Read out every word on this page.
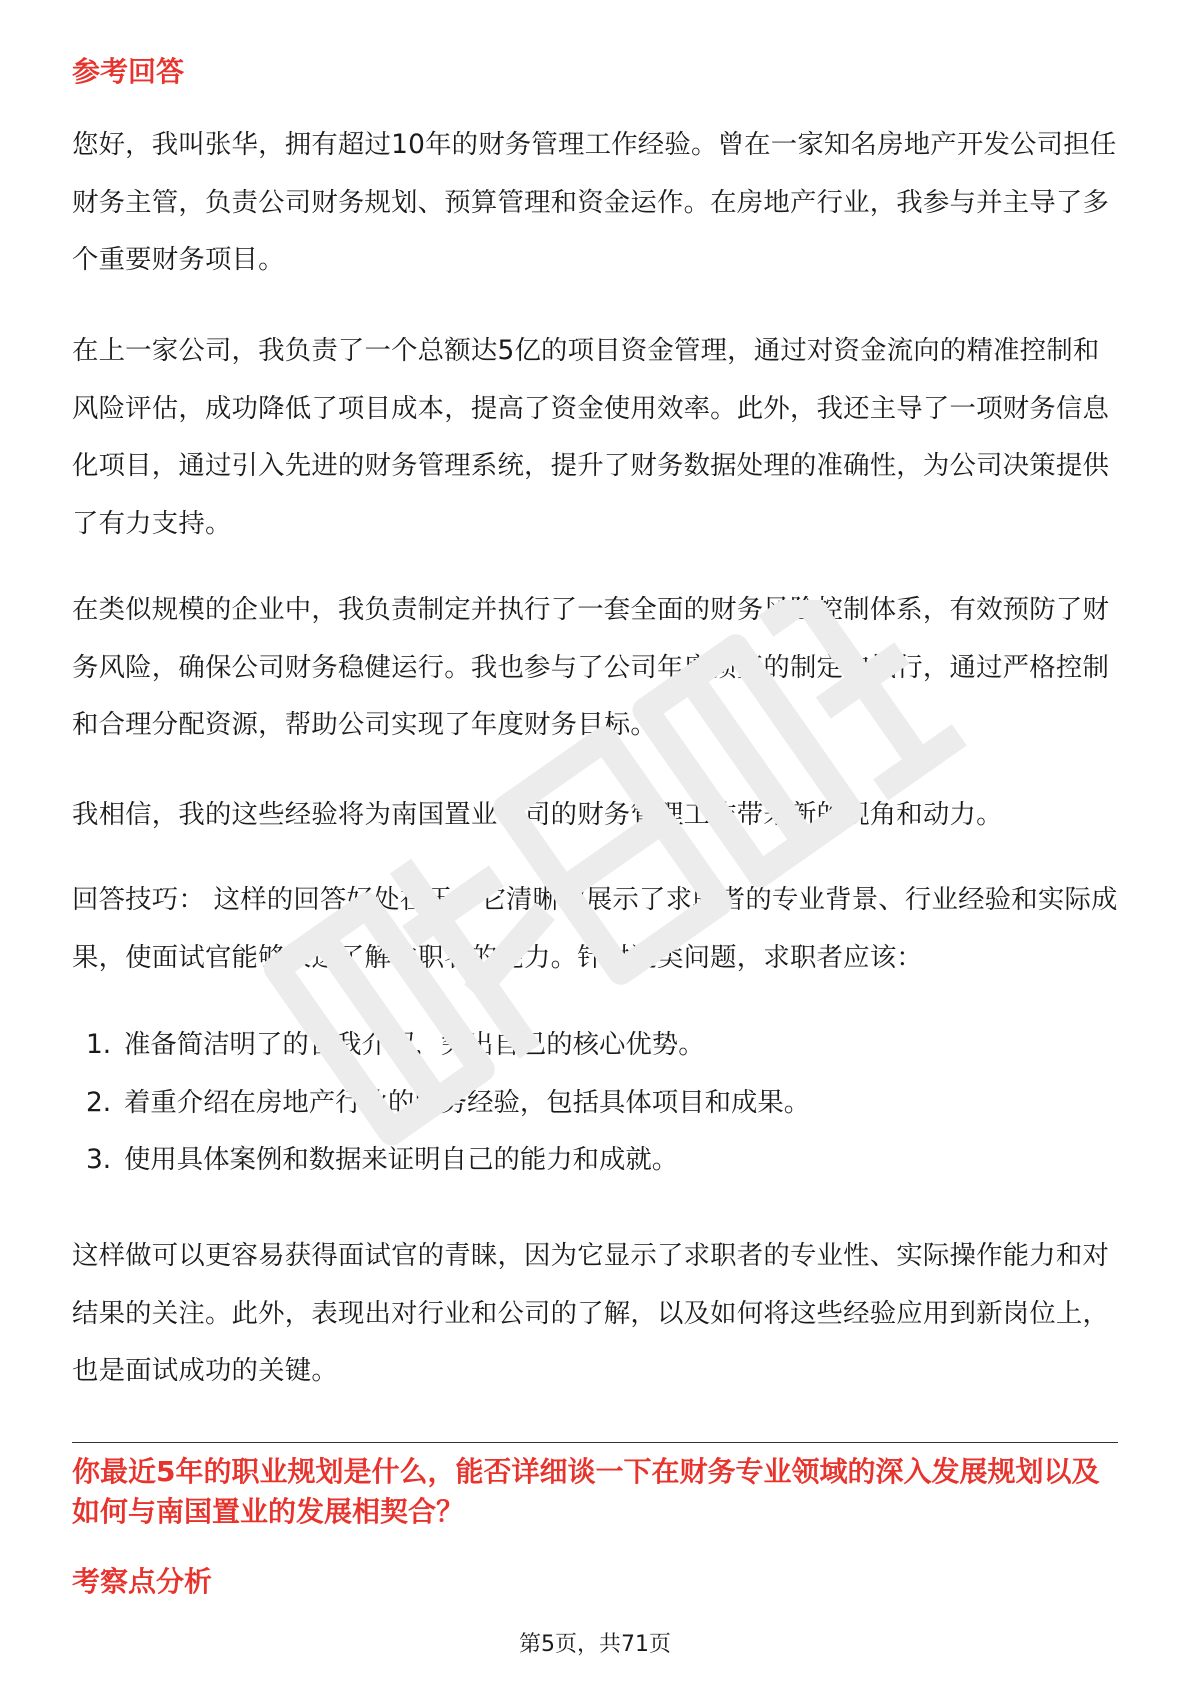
参考回答

您好，我叫张华，拥有超过10年的财务管理工作经验。曾在一家知名房地产开发公司担任财务主管，负责公司财务规划、预算管理和资金运作。在房地产行业，我参与并主导了多个重要财务项目。

在上一家公司，我负责了一个总额达5亿的项目资金管理，通过对资金流向的精准控制和风险评估，成功降低了项目成本，提高了资金使用效率。此外，我还主导了一项财务信息化项目，通过引入先进的财务管理系统，提升了财务数据处理的准确性，为公司决策提供了有力支持。

在类似规模的企业中，我负责制定并执行了一套全面的财务风险控制体系，有效预防了财务风险，确保公司财务稳健运行。我也参与了公司年度预算的制定和执行，通过严格控制和合理分配资源，帮助公司实现了年度财务目标。

我相信，我的这些经验将为南国置业公司的财务管理工作带来新的视角和动力。

回答技巧： 这样的回答好处在于，它清晰地展示了求职者的专业背景、行业经验和实际成果，使面试官能够快速了解求职者的能力。针对这类问题，求职者应该：

1. 准备简洁明了的自我介绍，突出自己的核心优势。
2. 着重介绍在房地产行业的财务经验，包括具体项目和成果。
3. 使用具体案例和数据来证明自己的能力和成就。

这样做可以更容易获得面试官的青睐，因为它显示了求职者的专业性、实际操作能力和对结果的关注。此外，表现出对行业和公司的了解，以及如何将这些经验应用到新岗位上，也是面试成功的关键。

你最近5年的职业规划是什么，能否详细谈一下在财务专业领域的深入发展规划以及如何与南国置业的发展相契合？
考察点分析
第5页，共71页
